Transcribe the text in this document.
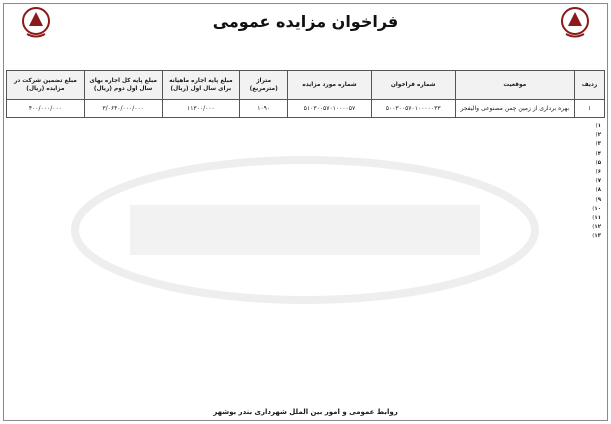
فراخوان مزایده عمومی
ردیف	موقعیت	شماره فراخوان	شماره مورد مزایده	متراژ (مترمربع)	مبلغ پایه اجاره ماهیانه برای سال اول (ریال)	مبلغ پایه کل اجاره بهای سال اول دوم (ریال)	مبلغ تضمین شرکت در مزایده (ریال)
۱	بهره برداری از زمین چمن مصنوعی والیفجر	۵۰۰۳۰۰۵۷۰۱۰۰۰۰۰۳۳	۵۱۰۳۰۰۵۷۰۱۰۰۰۰۵۷	۱۰۹۰	۱۱۳۰۰/۰۰۰	۳/۰۶۴۰/۰۰۰/۰۰۰	۴۰۰/۰۰۰/۰۰۰

۱)

۲)

۳)

۴)

۵)

۶)

۷)

۸)

۹)

۱۰)

۱۱)

۱۲)

۱۳)

روابط عمومی و امور بین الملل شهرداری بندر بوشهر
